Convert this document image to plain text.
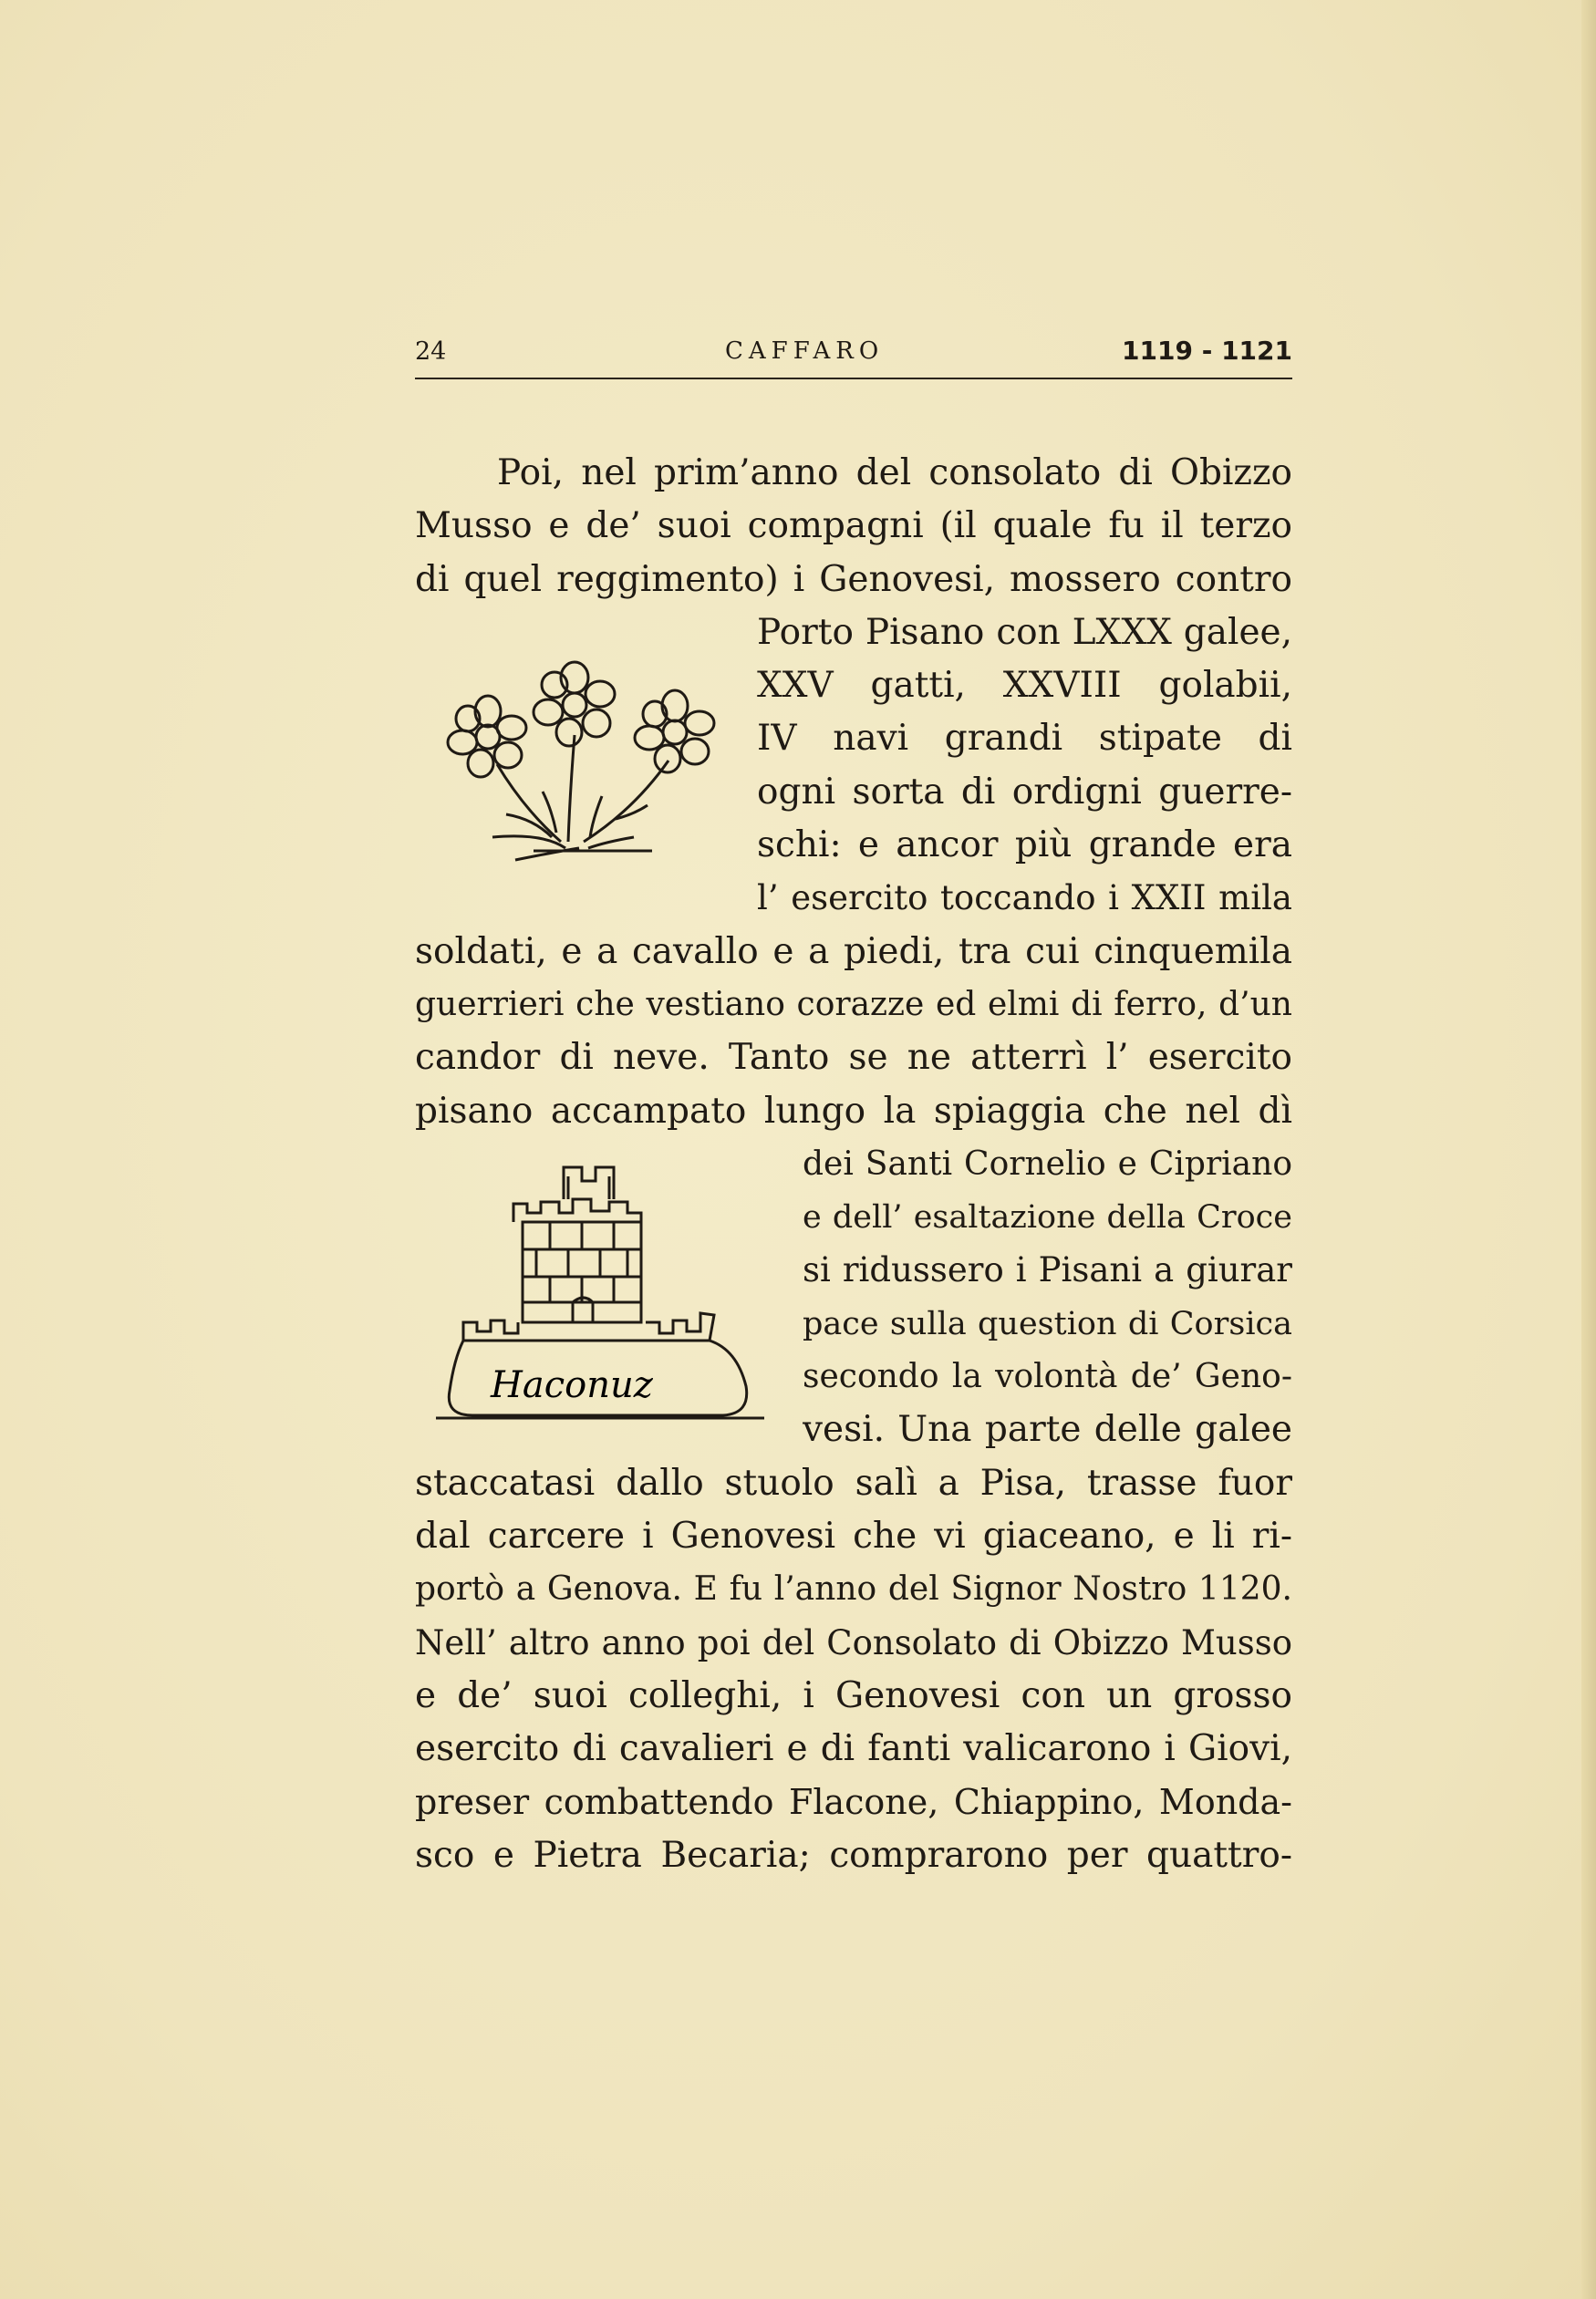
24	CAFFARO	1119 - 1121
Haconuz
Poi, nel prim’anno del consolato di Obizzo
Musso e de’ suoi compagni (il quale fu il terzo
di quel reggimento) i Genovesi, mossero contro
Porto Pisano con LXXX galee,
XXV gatti, XXVIII golabii,
IV navi grandi stipate di
ogni sorta di ordigni guerre-
schi: e ancor più grande era
l’ esercito toccando i XXII mila
soldati, e a cavallo e a piedi, tra cui cinquemila
guerrieri che vestiano corazze ed elmi di ferro, d’un
candor di neve. Tanto se ne atterrì l’ esercito
pisano accampato lungo la spiaggia che nel dì
dei Santi Cornelio e Cipriano
e dell’ esaltazione della Croce
si ridussero i Pisani a giurar
pace sulla question di Corsica
secondo la volontà de’ Geno-
vesi. Una parte delle galee
staccatasi dallo stuolo salì a Pisa, trasse fuor
dal carcere i Genovesi che vi giaceano, e li ri-
portò a Genova. E fu l’anno del Signor Nostro 1120.
Nell’ altro anno poi del Consolato di Obizzo Musso
e de’ suoi colleghi, i Genovesi con un grosso
esercito di cavalieri e di fanti valicarono i Giovi,
preser combattendo Flacone, Chiappino, Monda-
sco e Pietra Becaria; comprarono per quattro-
